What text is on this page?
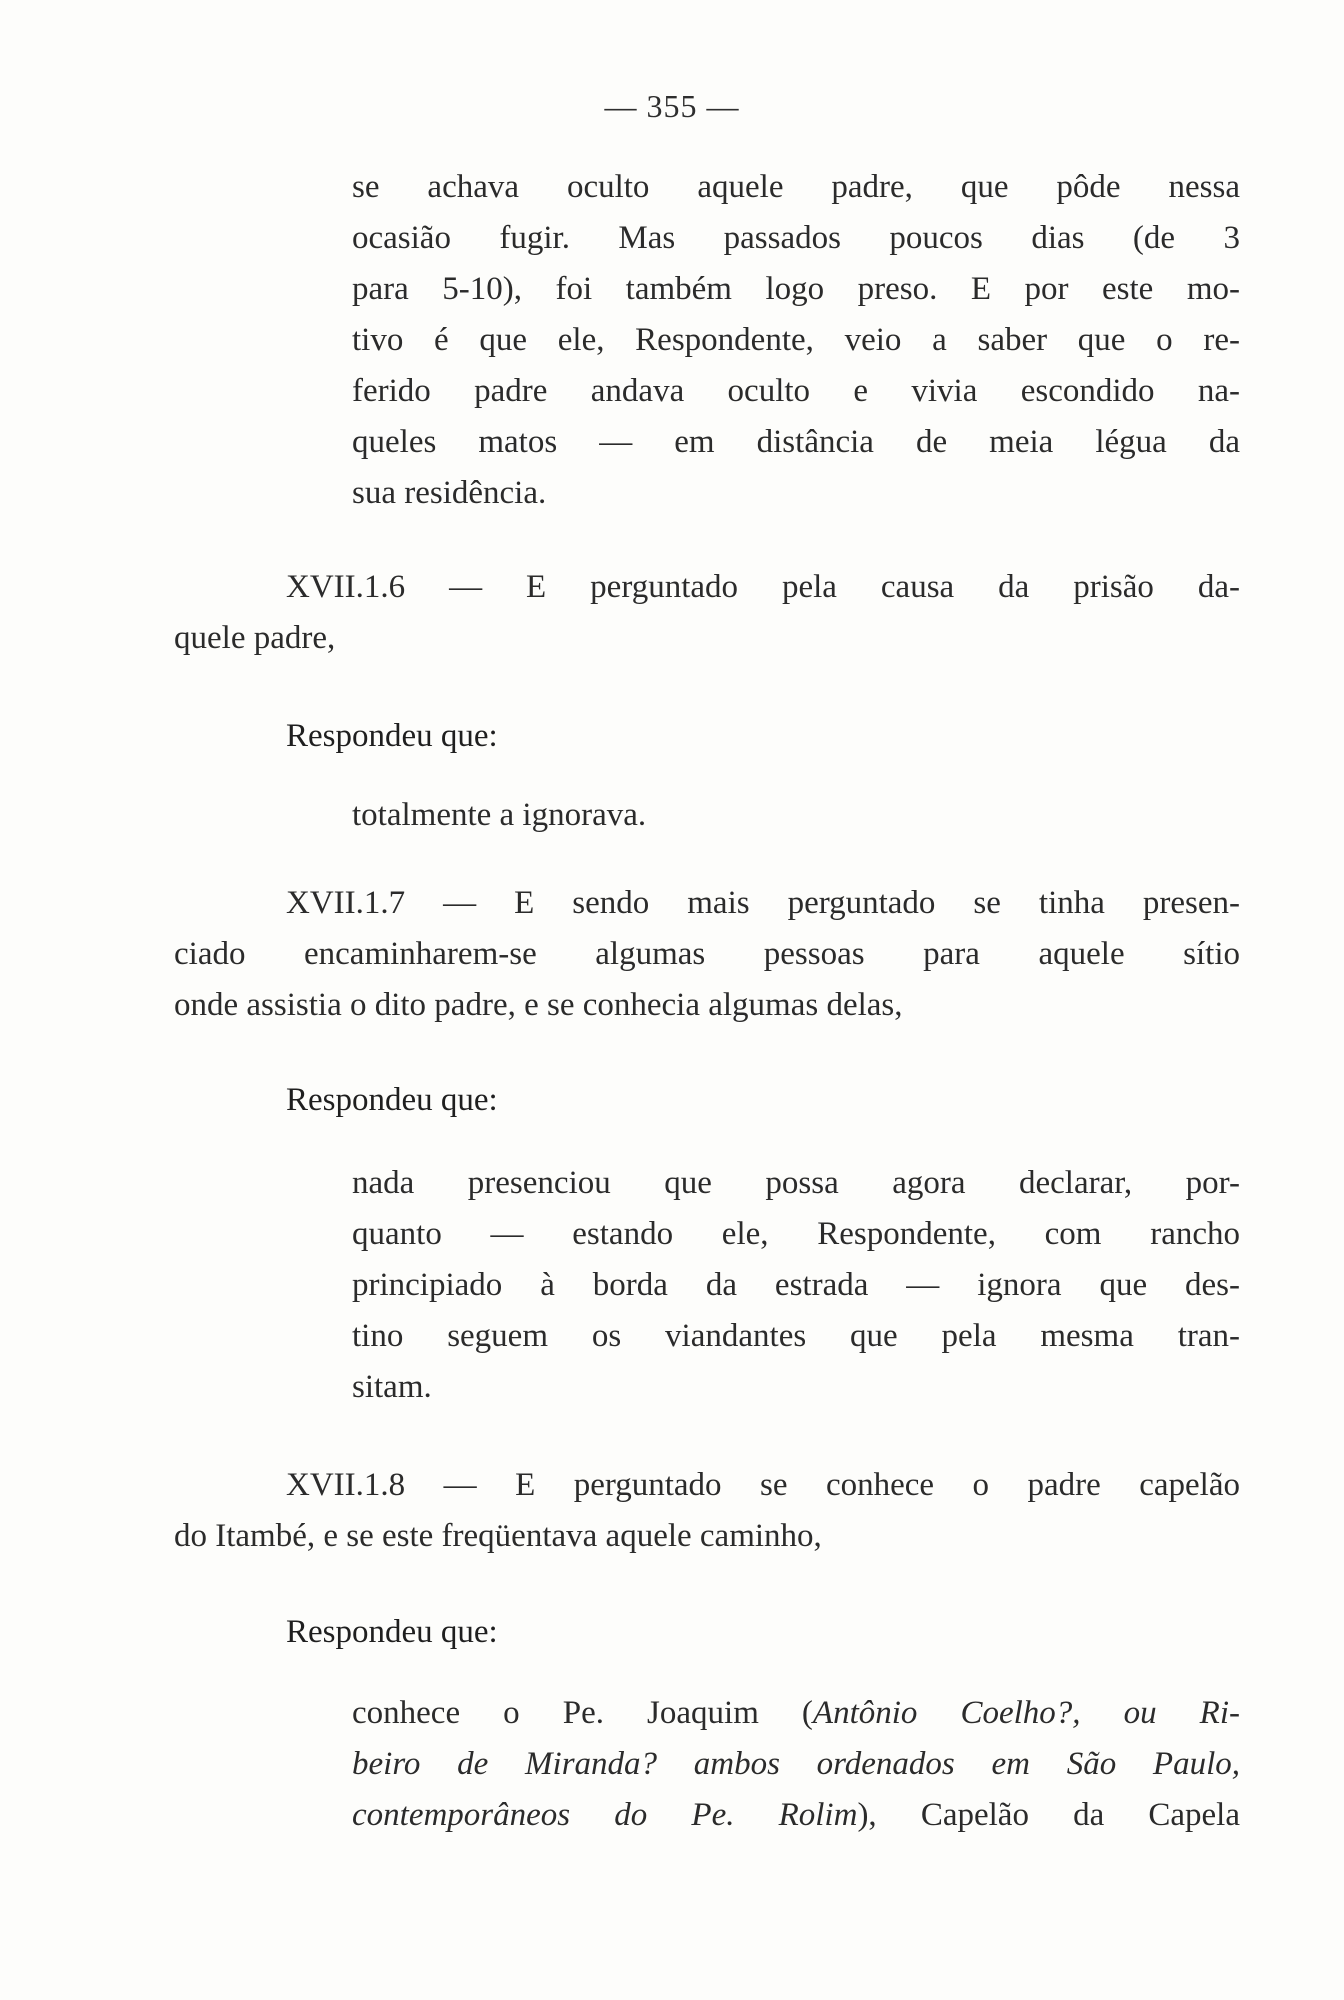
— 355 —
se achava oculto aquele padre, que pôde nessa
ocasião fugir. Mas passados poucos dias (de 3
para 5-10), foi também logo preso. E por este mo-
tivo é que ele, Respondente, veio a saber que o re-
ferido padre andava oculto e vivia escondido na-
queles matos — em distância de meia légua da
sua residência.
XVII.1.6 — E perguntado pela causa da prisão da-
quele padre,
Respondeu que:
totalmente a ignorava.
XVII.1.7 — E sendo mais perguntado se tinha presen-
ciado encaminharem-se algumas pessoas para aquele sítio
onde assistia o dito padre, e se conhecia algumas delas,
Respondeu que:
nada presenciou que possa agora declarar, por-
quanto — estando ele, Respondente, com rancho
principiado à borda da estrada — ignora que des-
tino seguem os viandantes que pela mesma tran-
sitam.
XVII.1.8 — E perguntado se conhece o padre capelão
do Itambé, e se este freqüentava aquele caminho,
Respondeu que:
conhece o Pe. Joaquim (Antônio Coelho?, ou Ri-
beiro de Miranda? ambos ordenados em São Paulo,
contemporâneos do Pe. Rolim), Capelão da Capela
